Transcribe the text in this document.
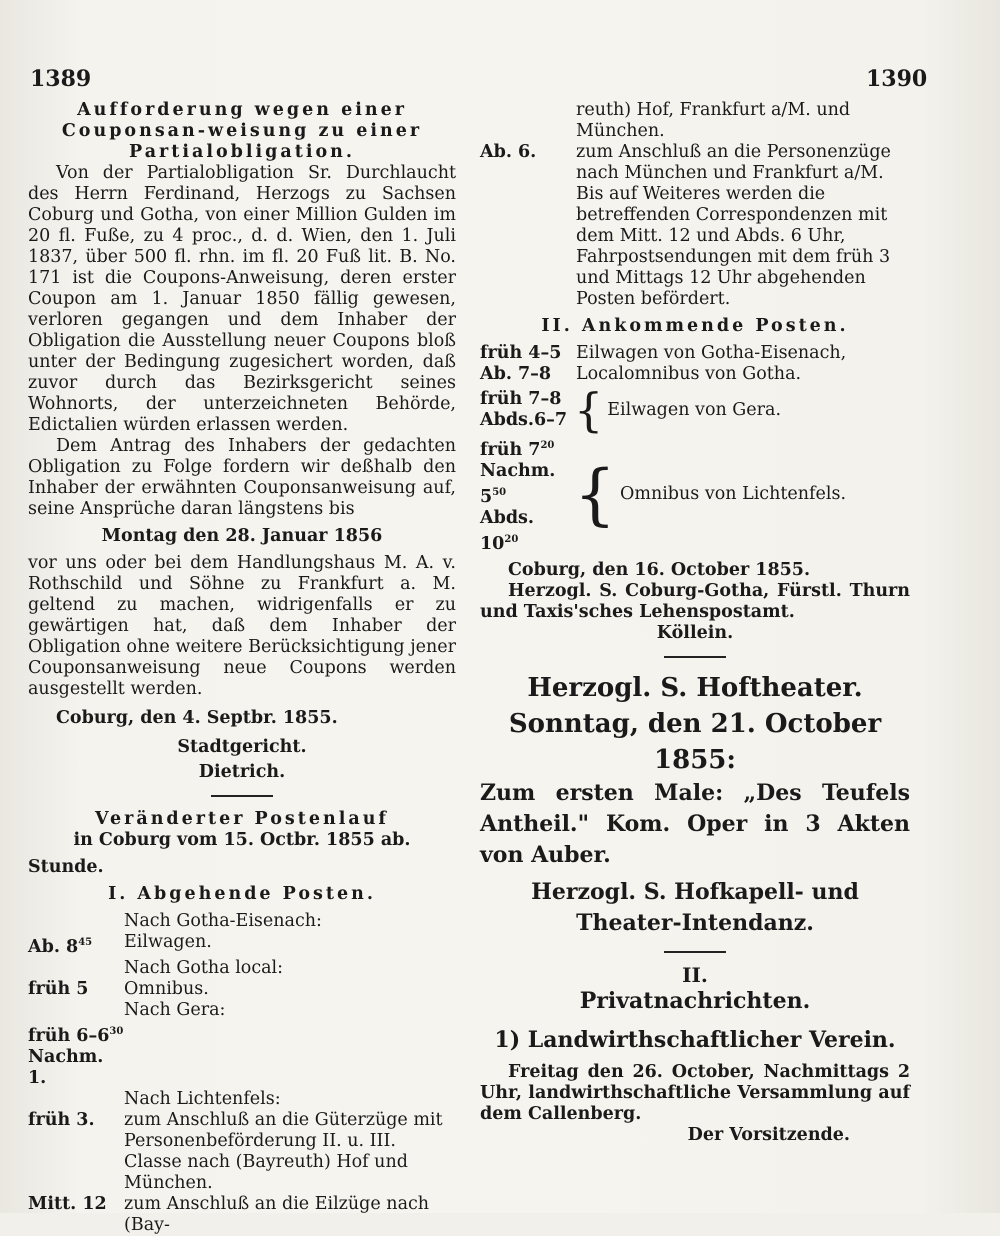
1389	1390

Aufforderung wegen einer Couponsan-weisung zu einer Partialobligation.

Von der Partialobligation Sr. Durchlaucht des Herrn Ferdinand, Herzogs zu Sachsen Coburg und Gotha, von einer Million Gulden im 20 fl. Fuße, zu 4 proc., d. d. Wien, den 1. Juli 1837, über 500 fl. rhn. im fl. 20 Fuß lit. B. No. 171 ist die Coupons-Anweisung, deren erster Coupon am 1. Januar 1850 fällig gewesen, verloren gegangen und dem Inhaber der Obligation die Ausstellung neuer Coupons bloß unter der Bedingung zugesichert worden, daß zuvor durch das Bezirksgericht seines Wohnorts, der unterzeichneten Behörde, Edictalien würden erlassen werden.

Dem Antrag des Inhabers der gedachten Obligation zu Folge fordern wir deßhalb den Inhaber der erwähnten Couponsanweisung auf, seine Ansprüche daran längstens bis

Montag den 28. Januar 1856

vor uns oder bei dem Handlungshaus M. A. v. Rothschild und Söhne zu Frankfurt a. M. geltend zu machen, widrigenfalls er zu gewärtigen hat, daß dem Inhaber der Obligation ohne weitere Berücksichtigung jener Couponsanweisung neue Coupons werden ausgestellt werden.

Coburg, den 4. Septbr. 1855.

Stadtgericht.

Dietrich.

Veränderter Postenlauf

in Coburg vom 15. Octbr. 1855 ab.

Stunde.

I. Abgehende Posten.

Nach Gotha-Eisenach:
Ab. $8^{45}$	Eilwagen.
Nach Gotha local:
früh 5	Omnibus.
Nach Gera:
früh $6-6^{30}$
Nachm. 1.
Nach Lichtenfels:
früh 3.	zum Anschluß an die Güterzüge mit Personenbeförderung II. u. III. Classe nach (Bayreuth) Hof und München.
Mitt. 12 zum Anschluß an die Eilzüge nach (Bay-
reuth) Hof, Frankfurt a/M. und München.
Ab. 6.	zum Anschluß an die Personenzüge nach München und Frankfurt a/M. Bis auf Weiteres werden die betreffenden Correspondenzen mit dem Mitt. 12 und Abds. 6 Uhr, Fahrpostsendungen mit dem früh 3 und Mittags 12 Uhr abgehenden Posten befördert.

II. Ankommende Posten.

früh 4–5 Eilwagen von Gotha-Eisenach,
Ab. 7–8	Localomnibus von Gotha.
früh 7–8
Abds.6–7 { Eilwagen von Gera.
früh $7^{20}$
Nachm. $5^{50}$
Abds. $10^{20}$
{ Omnibus von Lichtenfels.

Coburg, den 16. October 1855.

Herzogl. S. Coburg-Gotha, Fürstl. Thurn und Taxis'sches Lehenspostamt.

Köllein.

Herzogl. S. Hoftheater.

Sonntag, den 21. October 1855:

Zum ersten Male: „Des Teufels Antheil." Kom. Oper in 3 Akten von Auber.

Herzogl. S. Hofkapell- und Theater-Intendanz.

II.

Privatnachrichten.

1) Landwirthschaftlicher Verein.

Freitag den 26. October, Nachmittags 2 Uhr, landwirthschaftliche Versammlung auf dem Callenberg.

Der Vorsitzende.
